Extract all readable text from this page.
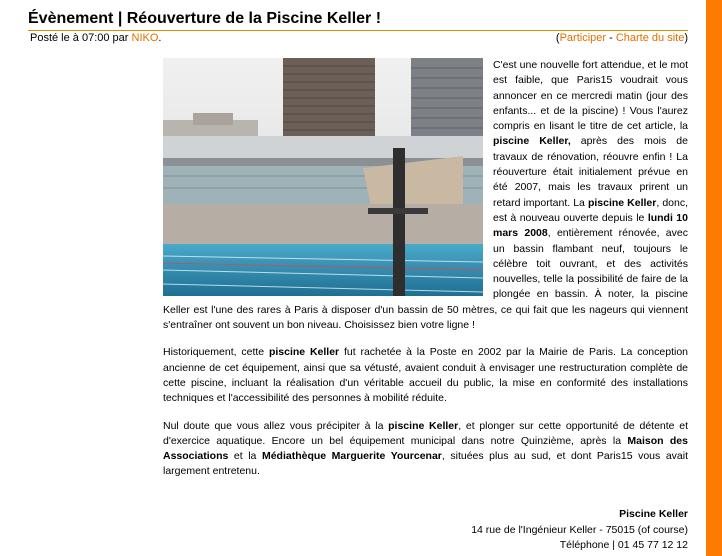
Évènement | Réouverture de la Piscine Keller !
Posté le à 07:00 par NIKO.	(Participer - Charte du site)

C'est une nouvelle fort attendue, et le mot est faible, que Paris15 voudrait vous annoncer en ce mercredi matin (jour des enfants... et de la piscine) ! Vous l'aurez compris en lisant le titre de cet article, la piscine Keller, après des mois de travaux de rénovation, réouvre enfin ! La réouverture était initialement prévue en été 2007, mais les travaux prirent un retard important. La piscine Keller, donc, est à nouveau ouverte depuis le lundi 10 mars 2008, entièrement rénovée, avec un bassin flambant neuf, toujours le célèbre toit ouvrant, et des activités nouvelles, telle la possibilité de faire de la plongée en bassin. À noter, la piscine Keller est l'une des rares à Paris à disposer d'un bassin de 50 mètres, ce qui fait que les nageurs qui viennent s'entraîner ont souvent un bon niveau. Choisissez bien votre ligne !

Historiquement, cette piscine Keller fut rachetée à la Poste en 2002 par la Mairie de Paris. La conception ancienne de cet équipement, ainsi que sa vétusté, avaient conduit à envisager une restructuration complète de cette piscine, incluant la réalisation d'un véritable accueil du public, la mise en conformité des installations techniques et l'accessibilité des personnes à mobilité réduite.

Nul doute que vous allez vous précipiter à la piscine Keller, et plonger sur cette opportunité de détente et d'exercice aquatique. Encore un bel équipement municipal dans notre Quinzième, après la Maison des Associations et la Médiathèque Marguerite Yourcenar, situées plus au sud, et dont Paris15 vous avait largement entretenu.

Piscine Keller
14 rue de l'Ingénieur Keller - 75015 (of course)
Téléphone | 01 45 77 12 12
